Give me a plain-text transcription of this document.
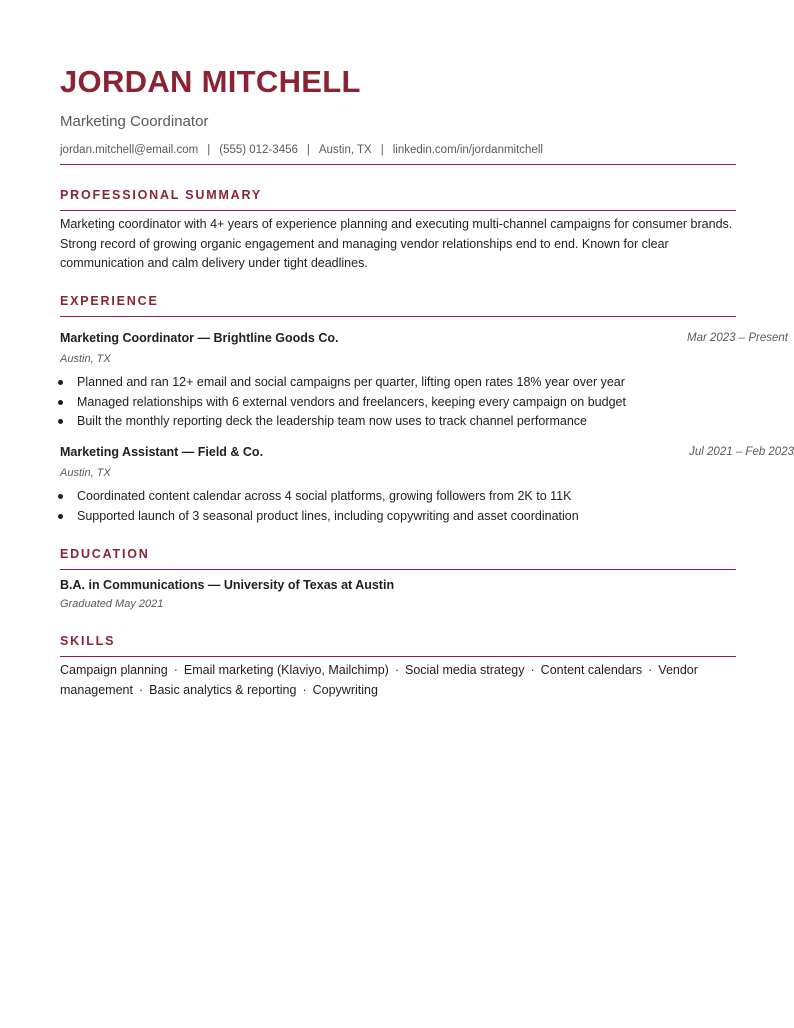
JORDAN MITCHELL
Marketing Coordinator
jordan.mitchell@email.com | (555) 012-3456 | Austin, TX | linkedin.com/in/jordanmitchell
PROFESSIONAL SUMMARY

Marketing coordinator with 4+ years of experience planning and executing multi-channel campaigns for consumer brands. Strong record of growing organic engagement and managing vendor relationships end to end. Known for clear communication and calm delivery under tight deadlines.

EXPERIENCE
Marketing Coordinator — Brightline Goods Co.	Mar 2023 – Present
Austin, TX
Planned and ran 12+ email and social campaigns per quarter, lifting open rates 18% year over year
Managed relationships with 6 external vendors and freelancers, keeping every campaign on budget
Built the monthly reporting deck the leadership team now uses to track channel performance
Marketing Assistant — Field & Co.	Jul 2021 – Feb 2023
Austin, TX
Coordinated content calendar across 4 social platforms, growing followers from 2K to 11K
Supported launch of 3 seasonal product lines, including copywriting and asset coordination
EDUCATION
B.A. in Communications — University of Texas at Austin
Graduated May 2021
SKILLS

Campaign planning · Email marketing (Klaviyo, Mailchimp) · Social media strategy · Content calendars · Vendor management · Basic analytics & reporting · Copywriting
